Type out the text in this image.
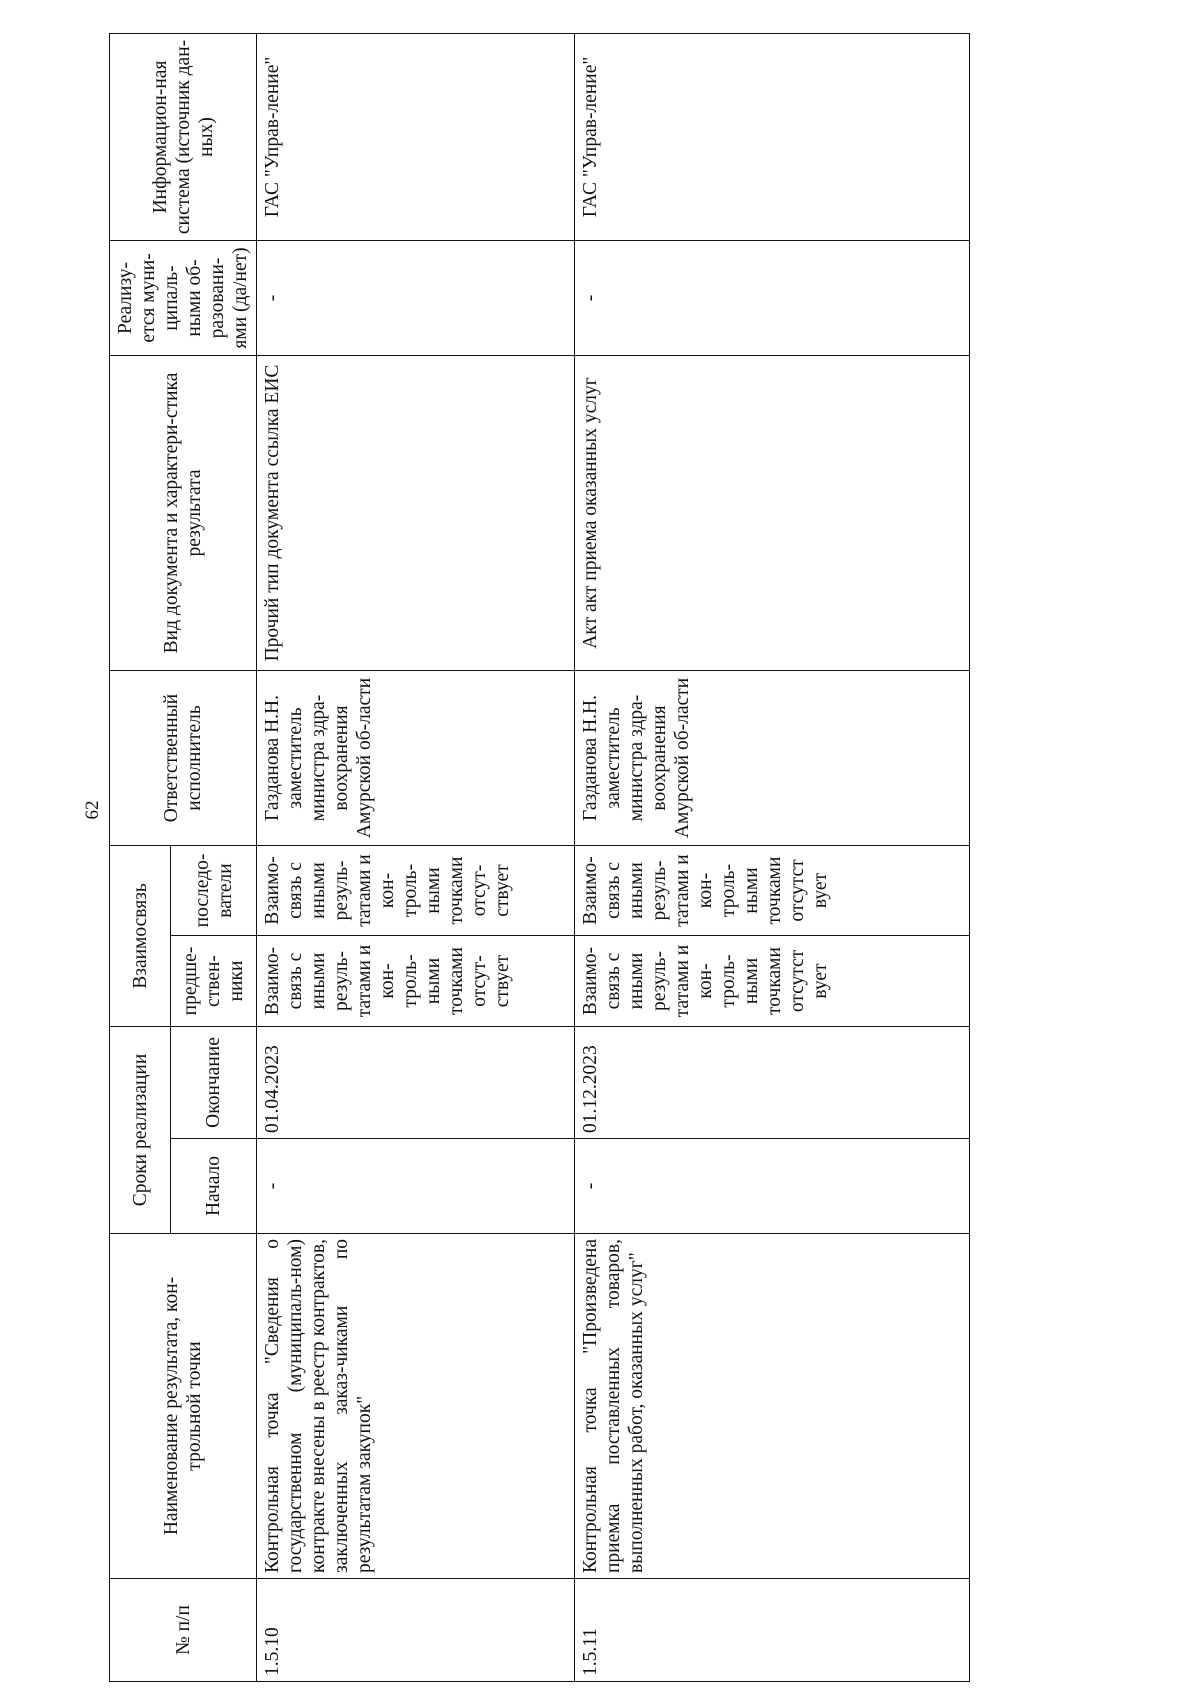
62
№ п/п	Наименование результата, кон-трольной точки	Сроки реализации		Взаимосвязь		Ответственный исполнитель	Вид документа и характери-стика результата	Реализу-ется муни-ципаль-ными об-разовани-ями (да/нет)	Информацион-ная система (источник дан-ных)
		Начало	Окончание	предше-ствен-ники	последо-ватели				
1.5.10	Контрольная точка "Сведения о государственном (муниципаль-ном) контракте внесены в реестр контрактов, заключенных заказ-чиками по результатам закупок"	-	01.04.2023	Взаимо-связь с иными резуль-татами и кон-троль-ными точками отсут-ствует	Взаимо-связь с иными резуль-татами и кон-троль-ными точками отсут-ствует	Газданова Н.Н. заместитель министра здра-воохранения Амурской об-ласти	Прочий тип документа ссылка ЕИС	-	ГАС "Управ-ление"
1.5.11	Контрольная точка "Произведена приемка поставленных товаров, выполненных работ, оказанных услуг"	-	01.12.2023	Взаимо-связь с иными резуль-татами и кон-троль-ными точками отсутст вует	Взаимо-связь с иными резуль-татами и кон-троль-ными точками отсутст вует	Газданова Н.Н. заместитель министра здра-воохранения Амурской об-ласти	Акт акт приема оказанных услуг	-	ГАС "Управ-ление"
